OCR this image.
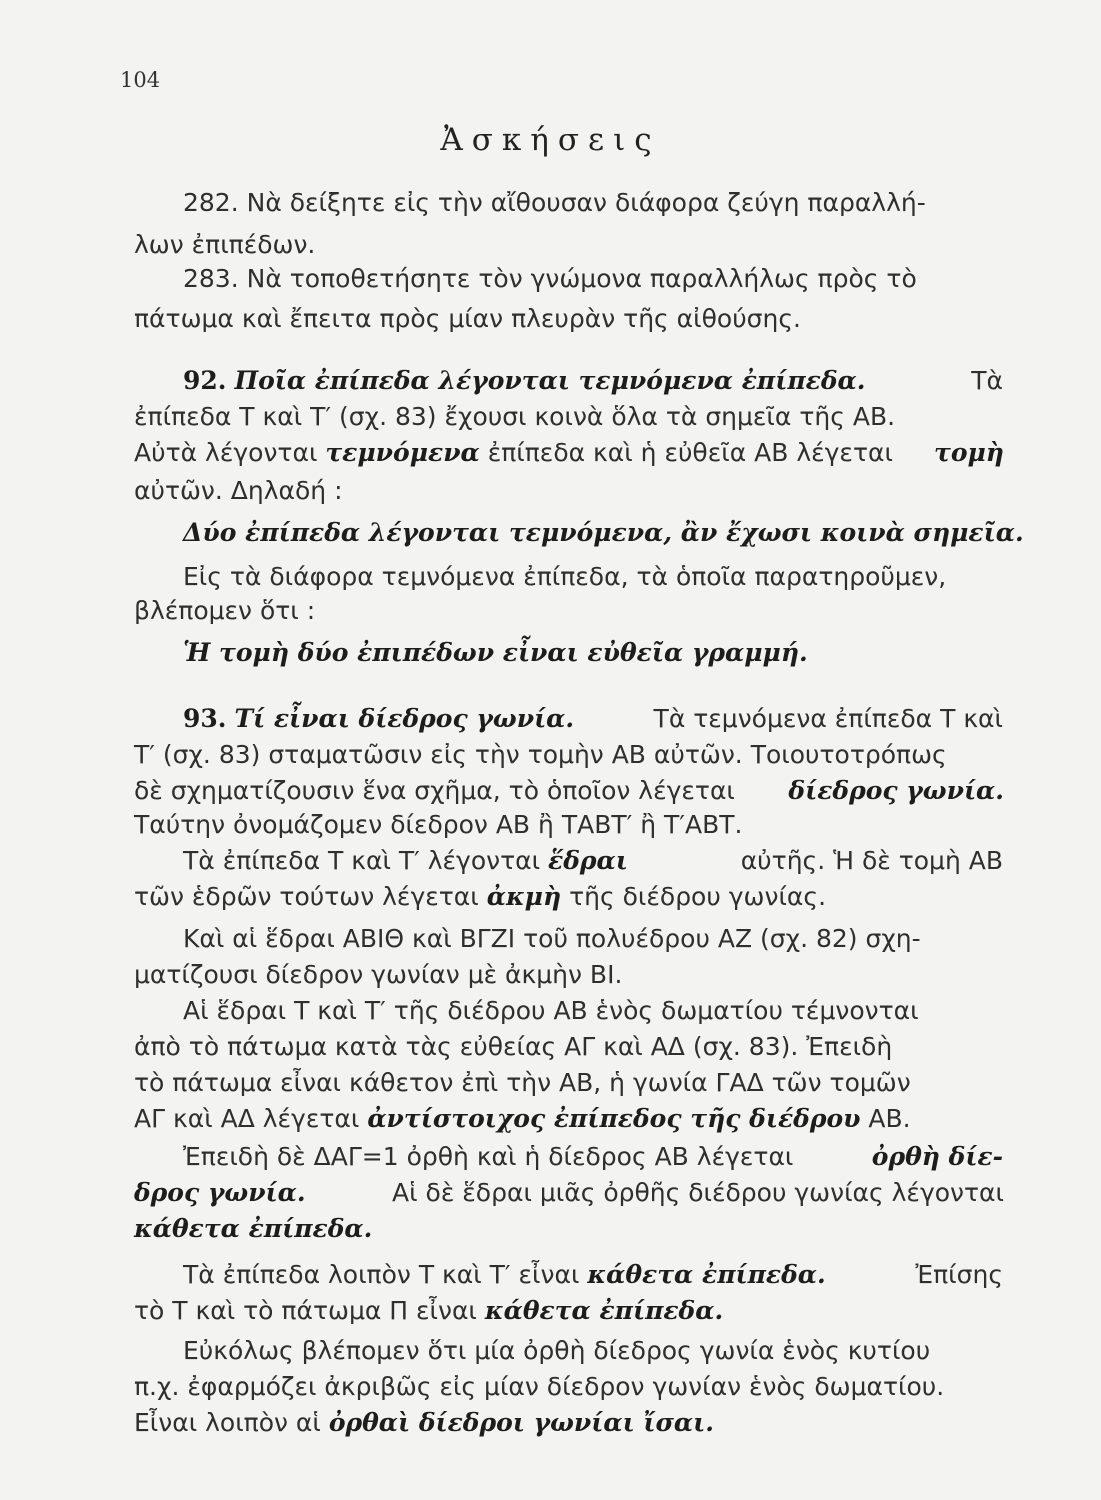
104
Ἀσκήσεις
282. Νὰ δείξητε εἰς τὴν αἴθουσαν διάφορα ζεύγη παραλλή-
λων ἐπιπέδων.
283. Νὰ τοποθετήσητε τὸν γνώμονα παραλλήλως πρὸς τὸ
πάτωμα καὶ ἔπειτα πρὸς μίαν πλευρὰν τῆς αἰθούσης.
92. Ποῖα ἐπίπεδα λέγονται τεμνόμενα ἐπίπεδα.	Τὰ
ἐπίπεδα Τ καὶ Τ′ (σχ. 83) ἔχουσι κοινὰ ὅλα τὰ σημεῖα τῆς ΑΒ.
Αὐτὰ λέγονται τεμνόμενα ἐπίπεδα καὶ ἡ εὐθεῖα ΑΒ λέγεται τομὴ
αὐτῶν. Δηλαδή :
Δύο ἐπίπεδα λέγονται τεμνόμενα, ἂν ἔχωσι κοινὰ σημεῖα.
Εἰς τὰ διάφορα τεμνόμενα ἐπίπεδα, τὰ ὁποῖα παρατηροῦμεν,
βλέπομεν ὅτι :
Ἡ τομὴ δύο ἐπιπέδων εἶναι εὐθεῖα γραμμή.
93. Τί εἶναι δίεδρος γωνία.	Τὰ τεμνόμενα ἐπίπεδα Τ καὶ
Τ′ (σχ. 83) σταματῶσιν εἰς τὴν τομὴν ΑΒ αὐτῶν. Τοιουτοτρόπως
δὲ σχηματίζουσιν ἕνα σχῆμα, τὸ ὁποῖον λέγεται δίεδρος γωνία.
Ταύτην ὀνομάζομεν δίεδρον ΑΒ ἢ ΤΑΒΤ′ ἢ Τ′ΑΒΤ.
Τὰ ἐπίπεδα Τ καὶ Τ′ λέγονται ἕδραι	αὐτῆς. Ἡ δὲ τομὴ ΑΒ
τῶν ἑδρῶν τούτων λέγεται ἀκμὴ τῆς διέδρου γωνίας.
Καὶ αἱ ἕδραι ΑΒΙΘ καὶ ΒΓΖΙ τοῦ πολυέδρου ΑΖ (σχ. 82) σχη-
ματίζουσι δίεδρον γωνίαν μὲ ἀκμὴν ΒΙ.
Αἱ ἕδραι Τ καὶ Τ′ τῆς διέδρου ΑΒ ἑνὸς δωματίου τέμνονται
ἀπὸ τὸ πάτωμα κατὰ τὰς εὐθείας ΑΓ καὶ ΑΔ (σχ. 83). Ἐπειδὴ
τὸ πάτωμα εἶναι κάθετον ἐπὶ τὴν ΑΒ, ἡ γωνία ΓΑΔ τῶν τομῶν
ΑΓ καὶ ΑΔ λέγεται ἀντίστοιχος ἐπίπεδος τῆς διέδρου ΑΒ.
Ἐπειδὴ δὲ ΔΑΓ=1 ὀρθὴ καὶ ἡ δίεδρος ΑΒ λέγεται	ὀρθὴ δίε-
δρος γωνία.	Αἱ δὲ ἕδραι μιᾶς ὀρθῆς διέδρου γωνίας λέγονται
κάθετα ἐπίπεδα.
Τὰ ἐπίπεδα λοιπὸν Τ καὶ Τ′ εἶναι κάθετα ἐπίπεδα.	Ἐπίσης
τὸ Τ καὶ τὸ πάτωμα Π εἶναι κάθετα ἐπίπεδα.
Εὐκόλως βλέπομεν ὅτι μία ὀρθὴ δίεδρος γωνία ἑνὸς κυτίου
π.χ. ἐφαρμόζει ἀκριβῶς εἰς μίαν δίεδρον γωνίαν ἑνὸς δωματίου.
Εἶναι λοιπὸν αἱ ὀρθαὶ δίεδροι γωνίαι ἴσαι.
